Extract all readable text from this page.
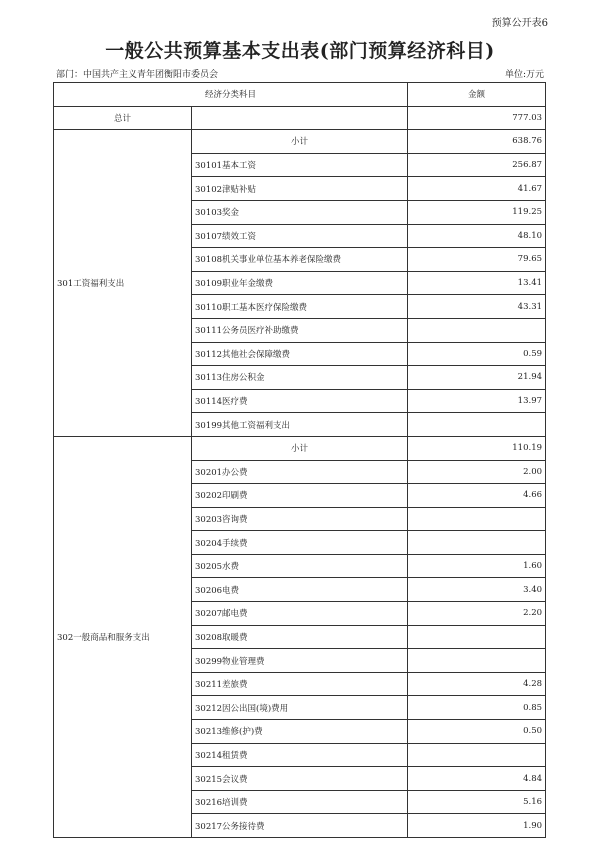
预算公开表6
一般公共预算基本支出表(部门预算经济科目)
部门：中国共产主义青年团衡阳市委员会	单位:万元
经济分类科目		金额
总计		777.03
301工资福利支出	小计	638.76
	30101基本工资	256.87
	30102津贴补贴	41.67
	30103奖金	119.25
	30107绩效工资	48.10
	30108机关事业单位基本养老保险缴费	79.65
	30109职业年金缴费	13.41
	30110职工基本医疗保险缴费	43.31
	30111公务员医疗补助缴费	
	30112其他社会保障缴费	0.59
	30113住房公积金	21.94
	30114医疗费	13.97
	30199其他工资福利支出	
302一般商品和服务支出	小计	110.19
	30201办公费	2.00
	30202印刷费	4.66
	30203咨询费	
	30204手续费	
	30205水费	1.60
	30206电费	3.40
	30207邮电费	2.20
	30208取暖费	
	30299物业管理费	
	30211差旅费	4.28
	30212因公出国(境)费用	0.85
	30213维修(护)费	0.50
	30214租赁费	
	30215会议费	4.84
	30216培训费	5.16
	30217公务接待费	1.90
